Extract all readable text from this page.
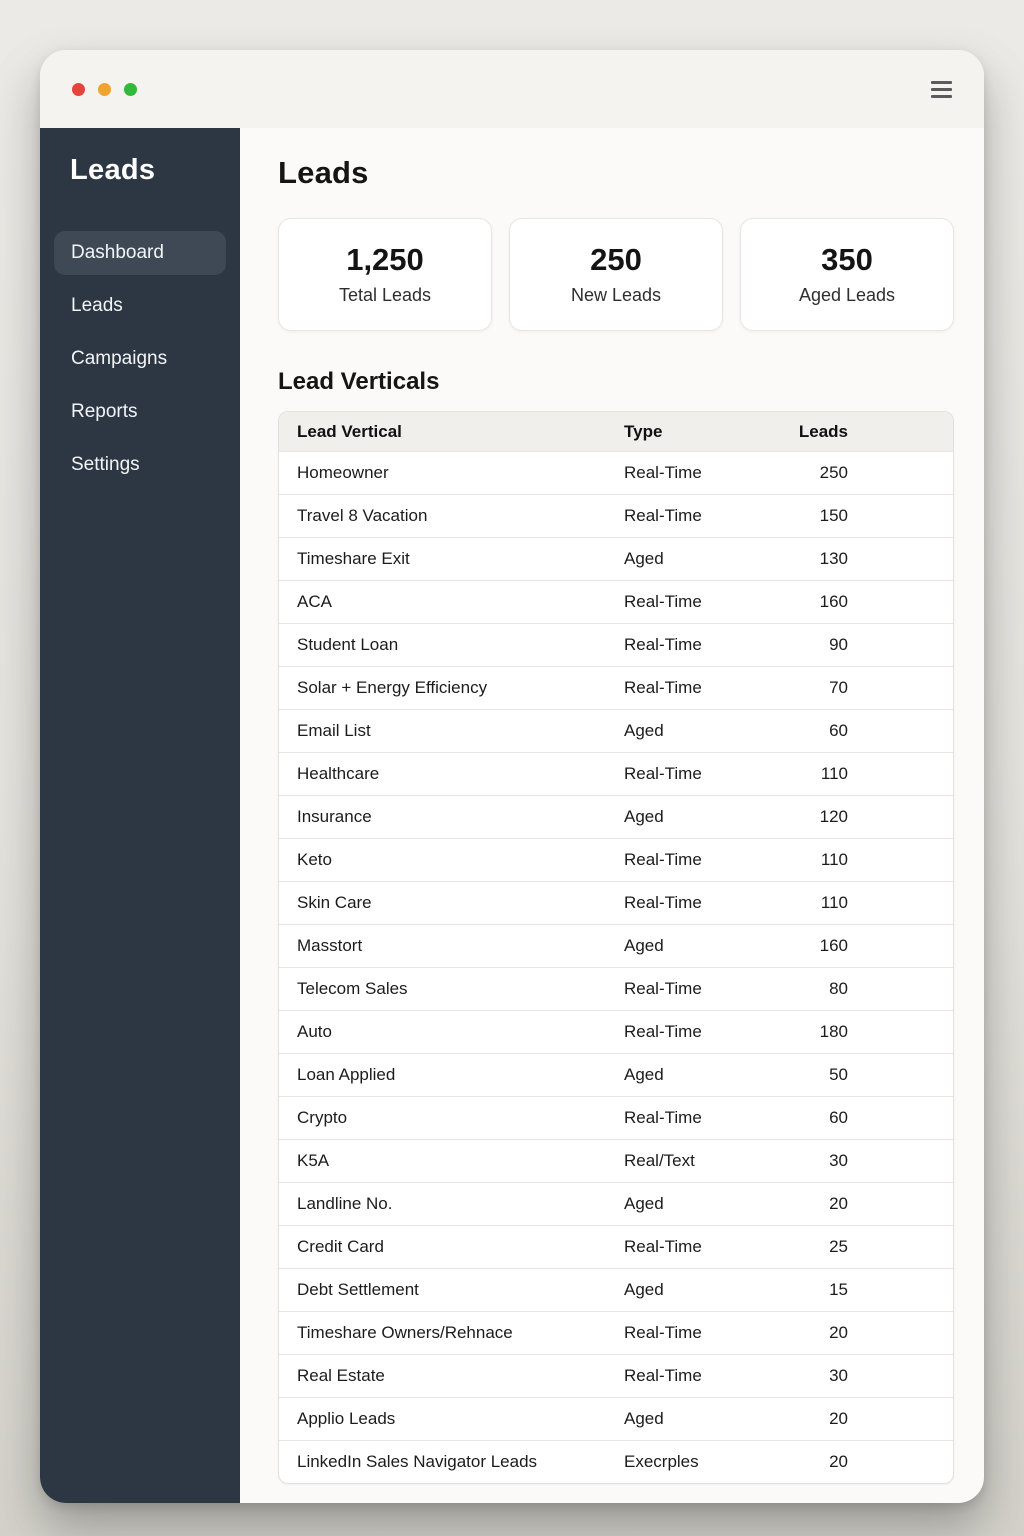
Leads
Dashboard
Leads
Campaigns
Reports
Settings
Leads
1,250
Tetal Leads
250
New Leads
350
Aged Leads
Lead Verticals
Lead Vertical	Type	Leads
Homeowner	Real-Time	250
Travel 8 Vacation	Real-Time	150
Timeshare Exit	Aged	130
ACA	Real-Time	160
Student Loan	Real-Time	90
Solar + Energy Efficiency	Real-Time	70
Email List	Aged	60
Healthcare	Real-Time	110
Insurance	Aged	120
Keto	Real-Time	110
Skin Care	Real-Time	110
Masstort	Aged	160
Telecom Sales	Real-Time	80
Auto	Real-Time	180
Loan Applied	Aged	50
Crypto	Real-Time	60
K5A	Real/Text	30
Landline No.	Aged	20
Credit Card	Real-Time	25
Debt Settlement	Aged	15
Timeshare Owners/Rehnace	Real-Time	20
Real Estate	Real-Time	30
Applio Leads	Aged	20
LinkedIn Sales Navigator Leads	Execrples	20
